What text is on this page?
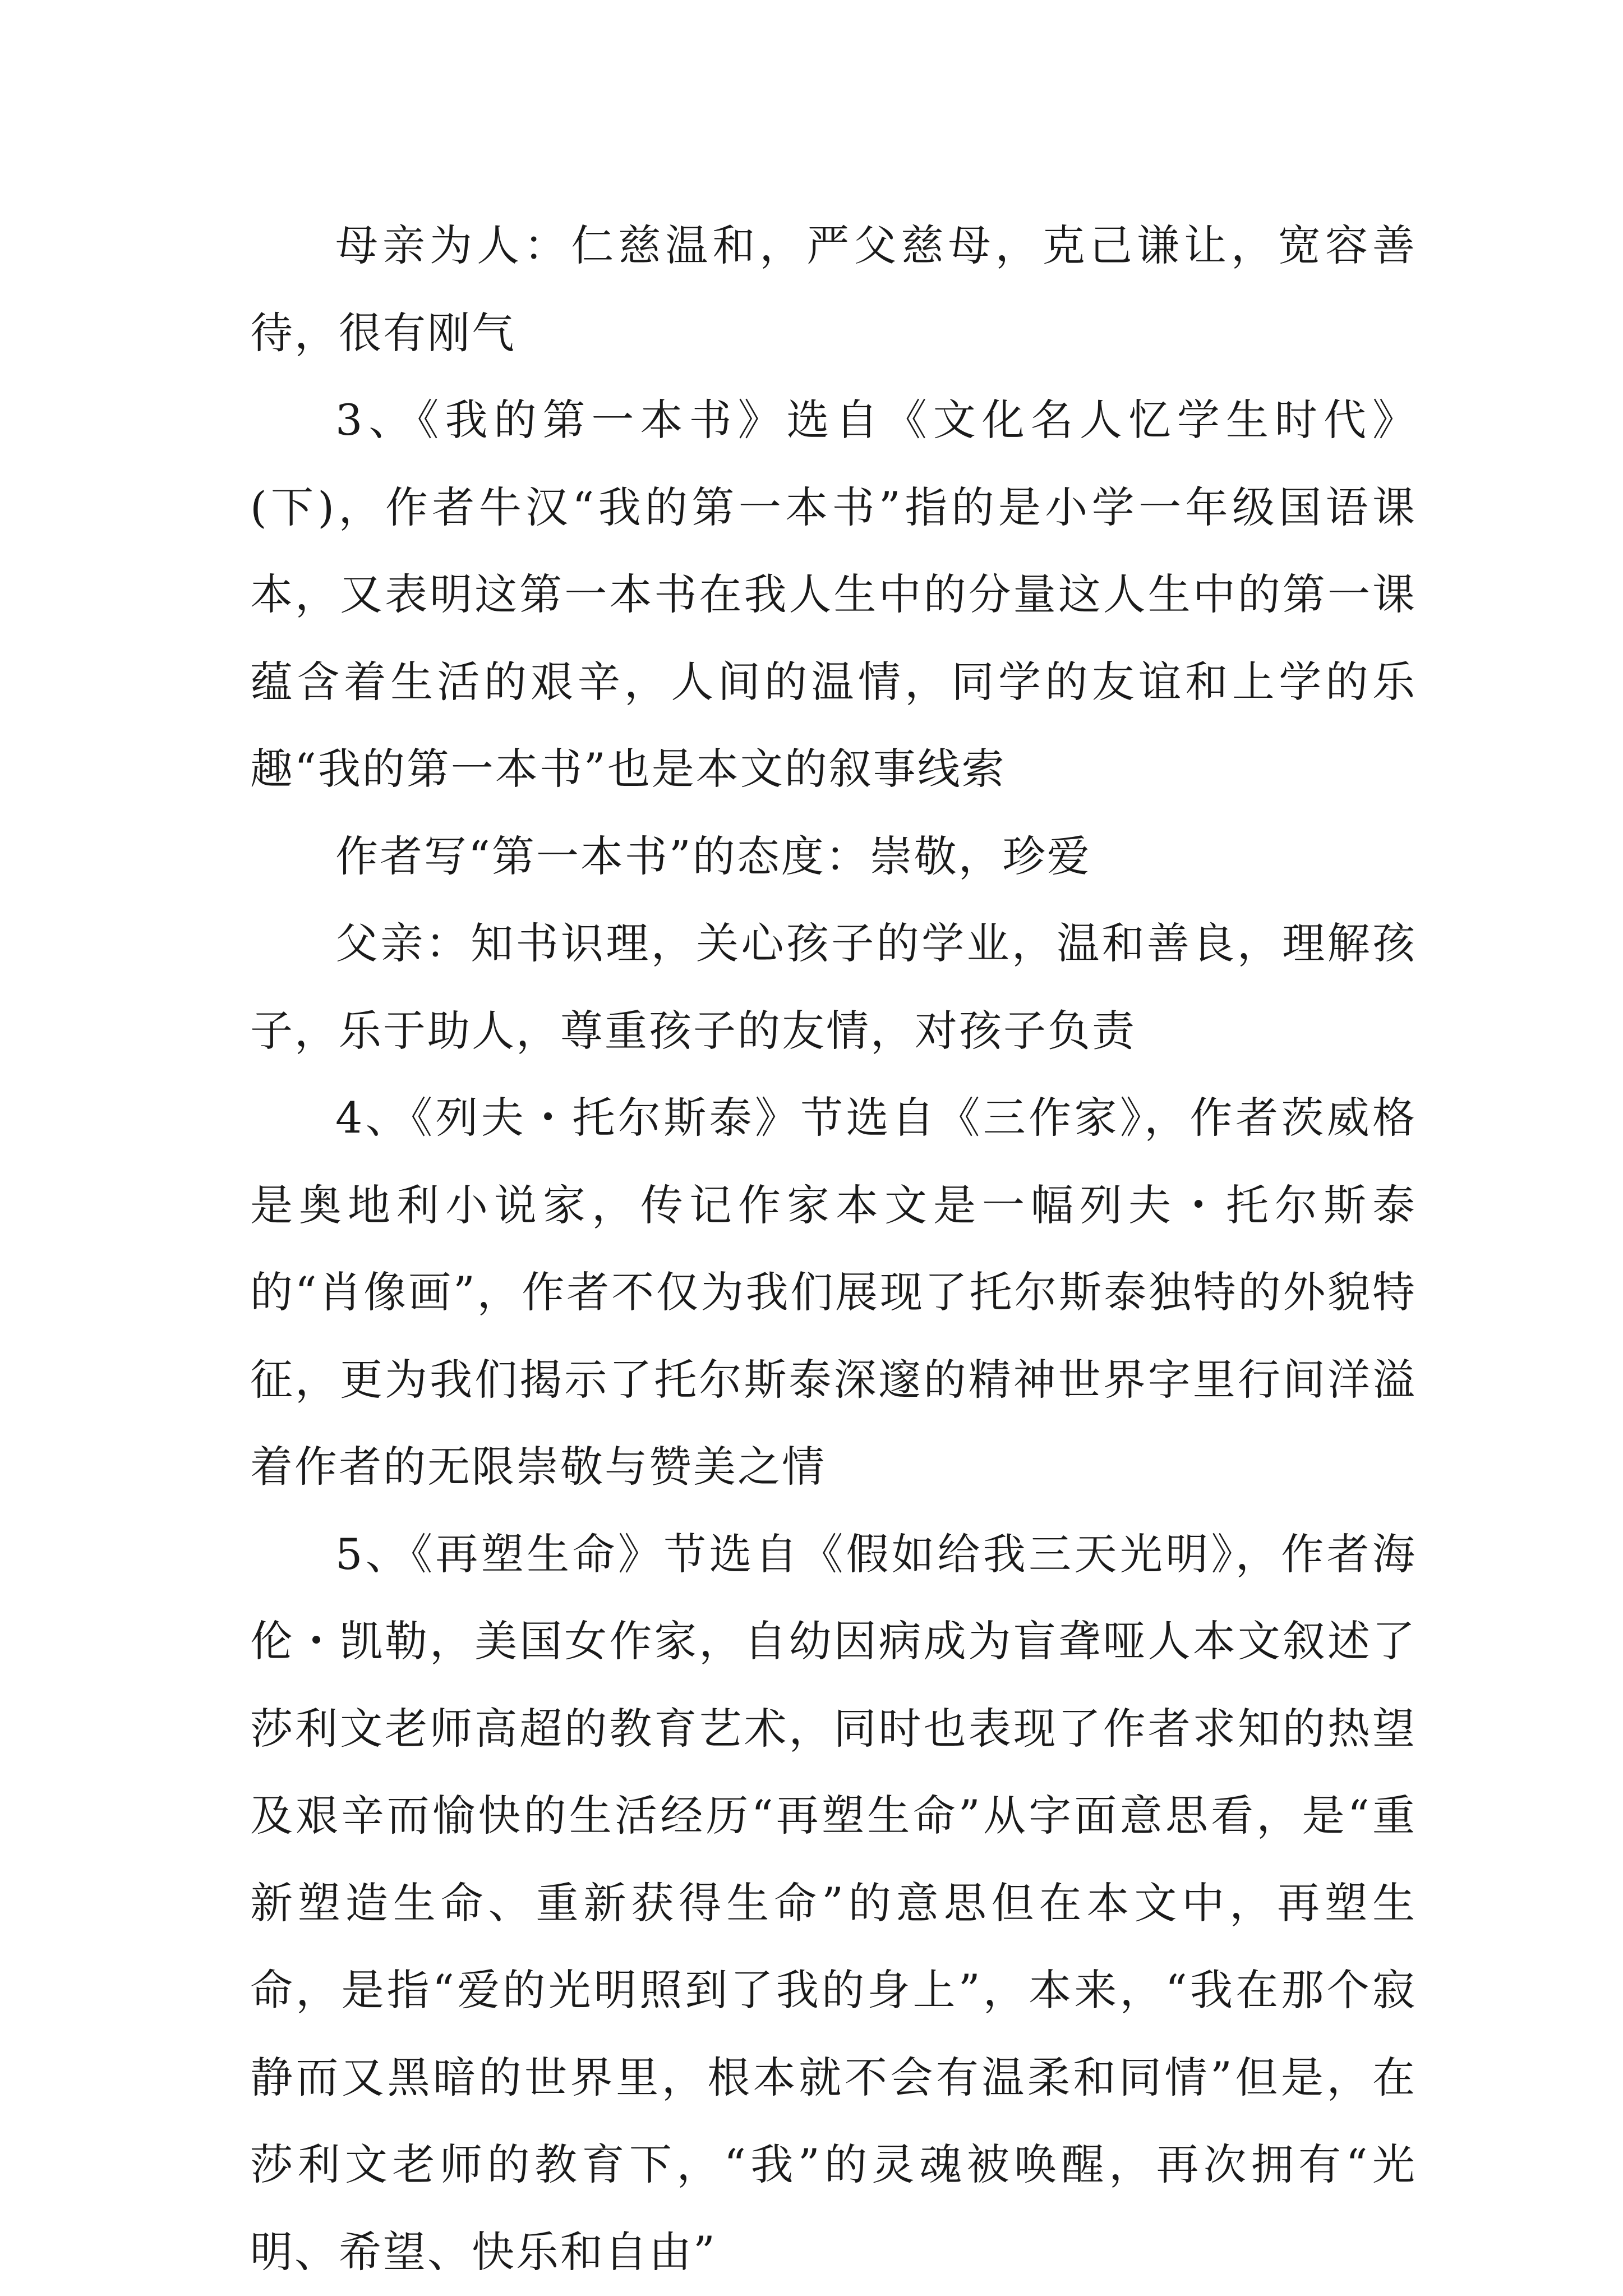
母亲为人：仁慈温和，严父慈母，克己谦让，宽容善待，很有刚气

3、《我的第一本书》选自《文化名人忆学生时代》(下)，作者牛汉“我的第一本书”指的是小学一年级国语课本，又表明这第一本书在我人生中的分量这人生中的第一课蕴含着生活的艰辛，人间的温情，同学的友谊和上学的乐趣“我的第一本书”也是本文的叙事线索

作者写“第一本书”的态度：崇敬，珍爱

父亲：知书识理，关心孩子的学业，温和善良，理解孩子，乐于助人，尊重孩子的友情，对孩子负责

4、《列夫・托尔斯泰》节选自《三作家》，作者茨威格是奥地利小说家，传记作家本文是一幅列夫・托尔斯泰的“肖像画”，作者不仅为我们展现了托尔斯泰独特的外貌特征，更为我们揭示了托尔斯泰深邃的精神世界字里行间洋溢着作者的无限崇敬与赞美之情

5、《再塑生命》节选自《假如给我三天光明》，作者海伦・凯勒，美国女作家，自幼因病成为盲聋哑人本文叙述了莎利文老师高超的教育艺术，同时也表现了作者求知的热望及艰辛而愉快的生活经历“再塑生命”从字面意思看，是“重新塑造生命、重新获得生命”的意思但在本文中，再塑生命，是指“爱的光明照到了我的身上”，本来，“我在那个寂静而又黑暗的世界里，根本就不会有温柔和同情”但是，在莎利文老师的教育下，“我”的灵魂被唤醒，再次拥有“光明、希望、快乐和自由”
